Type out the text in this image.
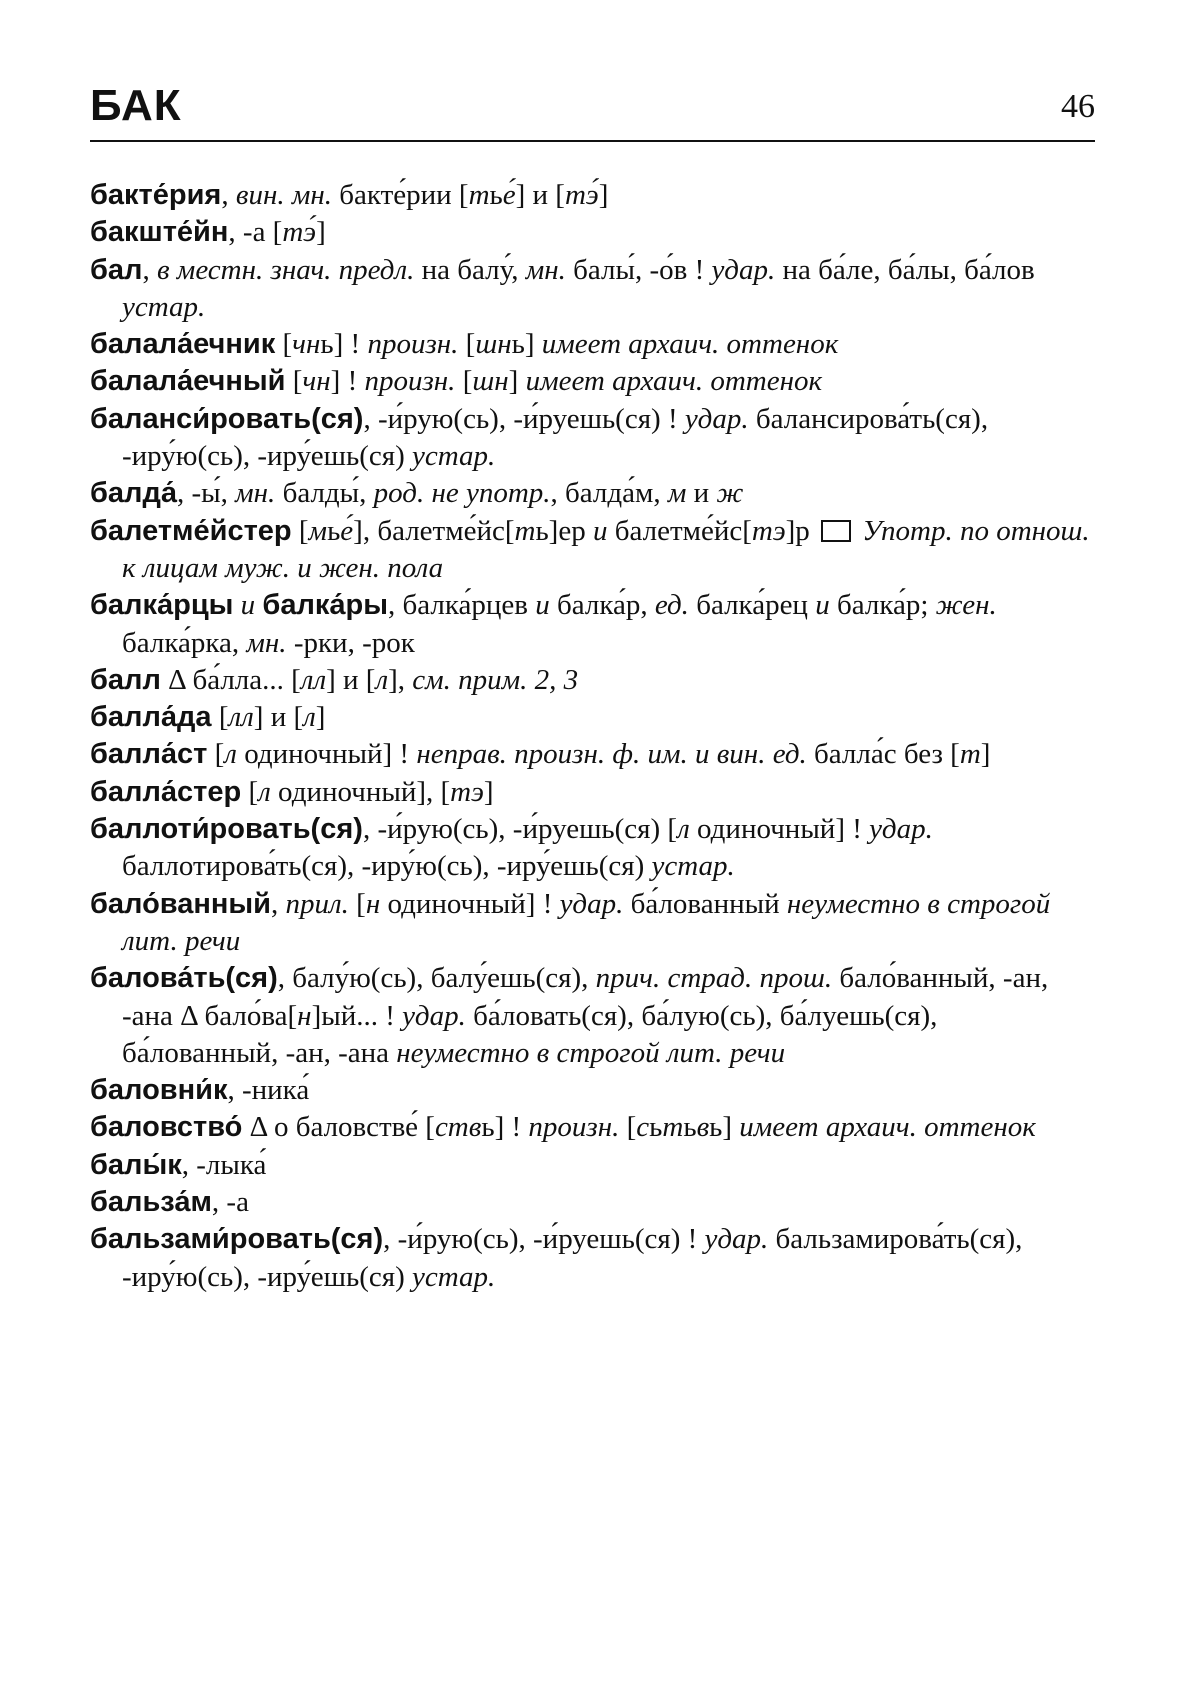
БАК	46

бакте́рия, вин. мн. бакте́рии [тье́] и [тэ́]

бакште́йн, -а [тэ́]

бал, в местн. знач. предл. на балу́, мн. балы́, -о́в ! удар. на ба́ле, ба́лы, ба́лов устар.

балала́ечник [чнь] ! произн. [шнь] имеет архаич. оттенок

балала́ечный [чн] ! произн. [шн] имеет архаич. оттенок

баланси́ровать(ся), -и́рую(сь), -и́руешь(ся) ! удар. балансирова́ть(ся), -иру́ю(сь), -иру́ешь(ся) устар.

балда́, -ы́, мн. балды́, род. не употр., балда́м, м и ж

балетме́йстер [мье́], балетме́йс[ть]ер и балетме́йс[тэ]р  Употр. по отнош. к лицам муж. и жен. пола

балка́рцы и балка́ры, балка́рцев и балка́р, ед. балка́рец и балка́р; жен. балка́рка, мн. -рки, -рок

балл Δ ба́лла... [лл] и [л], см. прим. 2, 3

балла́да [лл] и [л]

балла́ст [л одиночный] ! неправ. произн. ф. им. и вин. ед. балла́с без [т]

балла́стер [л одиночный], [тэ]

баллоти́ровать(ся), -и́рую(сь), -и́руешь(ся) [л одиночный] ! удар. баллотирова́ть(ся), -иру́ю(сь), -иру́ешь(ся) устар.

бало́ванный, прил. [н одиночный] ! удар. ба́лованный неуместно в строгой лит. речи

балова́ть(ся), балу́ю(сь), балу́ешь(ся), прич. страд. прош. бало́ванный, -ан, -ана Δ бало́ва[н]ый... ! удар. ба́ловать(ся), ба́лую(сь), ба́луешь(ся), ба́лованный, -ан, -ана неуместно в строгой лит. речи

баловни́к, -ника́

баловство́ Δ о баловстве́ [ствь] ! произн. [сьтьвь] имеет архаич. оттенок

балы́к, -лыка́

бальза́м, -а

бальзами́ровать(ся), -и́рую(сь), -и́руешь(ся) ! удар. бальзамирова́ть(ся), -иру́ю(сь), -иру́ешь(ся) устар.
